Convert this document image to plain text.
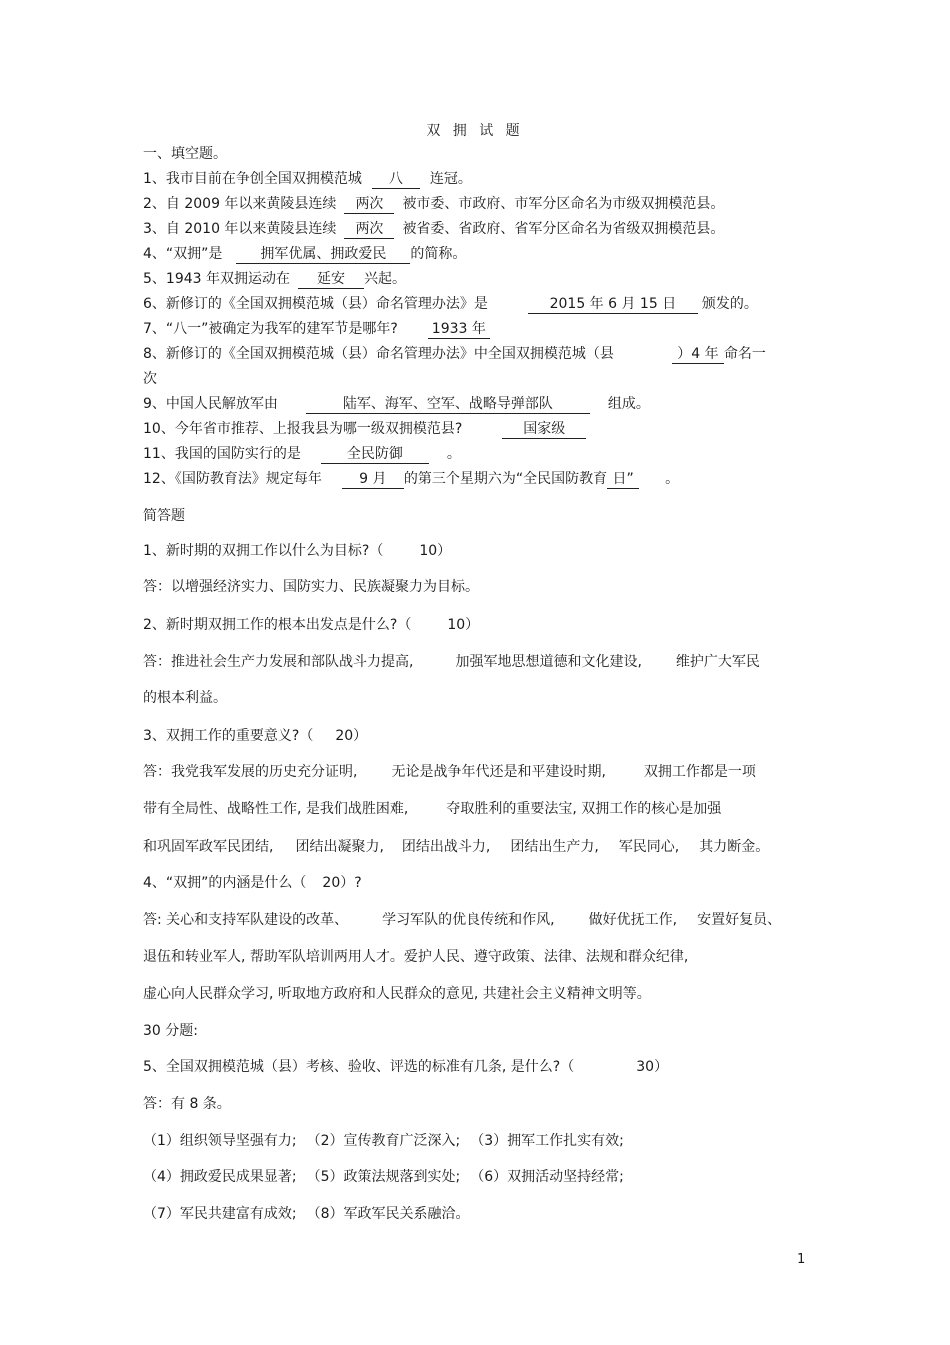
双 拥 试 题
一、填空题。
1、我市目前在争创全国双拥模范城 八 连冠。
2、自 2009 年以来黄陵县连续 两次 被市委、市政府、市军分区命名为市级双拥模范县。
3、自 2010 年以来黄陵县连续 两次 被省委、省政府、省军分区命名为省级双拥模范县。
4、“双拥”是	拥军优属、拥政爱民 的简称。
5、1943 年双拥运动在 延安 兴起。
6、新修订的《全国双拥模范城（县）命名管理办法》是	2015 年 6 月 15 日 颁发的。
7、“八一”被确定为我军的建军节是哪年? 1933 年
8、新修订的《全国双拥模范城（县）命名管理办法》中全国双拥模范城（县	）4 年 命名一
次
9、中国人民解放军由	陆军、海军、空军、战略导弹部队	组成。
10、今年省市推荐、上报我县为哪一级双拥模范县?	国家级
11、我国的国防实行的是	全民防御	。
12、《国防教育法》规定每年	9 月 的第三个星期六为“全民国防教育 日” 。
简答题
1、新时期的双拥工作以什么为目标?（	10）
答：以增强经济实力、国防实力、民族凝聚力为目标。
2、新时期双拥工作的根本出发点是什么?（	10）
答：推进社会生产力发展和部队战斗力提高,	加强军地思想道德和文化建设, 维护广大军民
的根本利益。
3、双拥工作的重要意义?（ 20）
答：我党我军发展的历史充分证明, 无论是战争年代还是和平建设时期,	双拥工作都是一项
带有全局性、战略性工作, 是我们战胜困难,	夺取胜利的重要法宝, 双拥工作的核心是加强
和巩固军政军民团结, 团结出凝聚力, 团结出战斗力, 团结出生产力, 军民同心, 其力断金。
4、“双拥”的内涵是什么（ 20）?
答: 关心和支持军队建设的改革、 学习军队的优良传统和作风, 做好优抚工作, 安置好复员、
退伍和转业军人, 帮助军队培训两用人才。爱护人民、遵守政策、法律、法规和群众纪律,
虚心向人民群众学习, 听取地方政府和人民群众的意见, 共建社会主义精神文明等。
30 分题:
5、全国双拥模范城（县）考核、验收、评选的标准有几条, 是什么?（	30）
答：有 8 条。
（1）组织领导坚强有力; （2）宣传教育广泛深入; （3）拥军工作扎实有效;
（4）拥政爱民成果显著; （5）政策法规落到实处; （6）双拥活动坚持经常;
（7）军民共建富有成效; （8）军政军民关系融洽。
1
